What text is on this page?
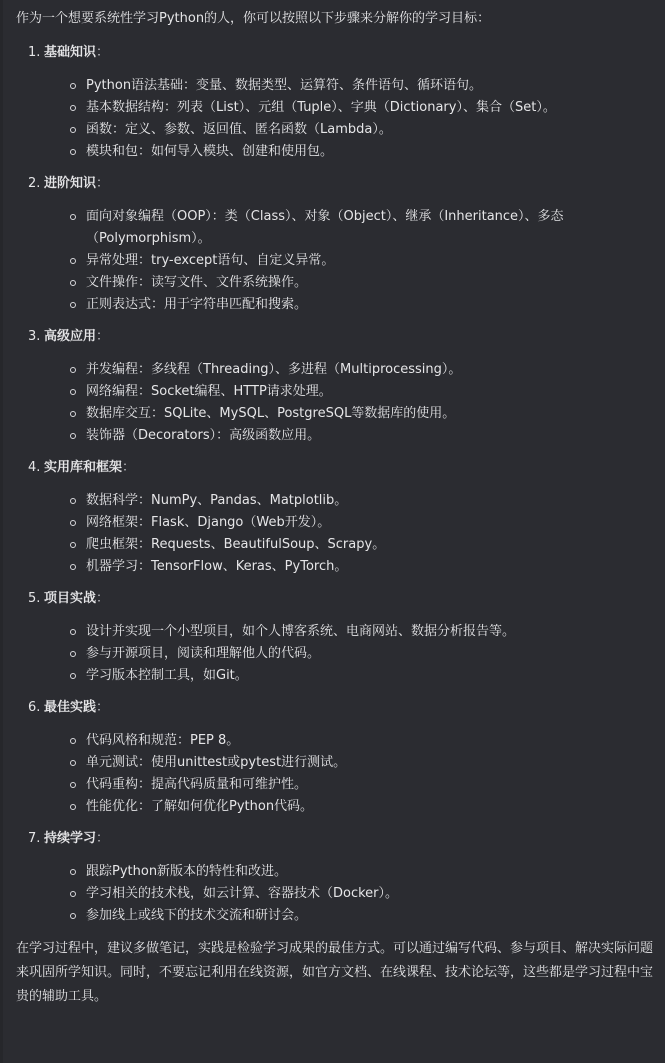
作为一个想要系统性学习Python的人，你可以按照以下步骤来分解你的学习目标：

1. 基础知识：
Python语法基础：变量、数据类型、运算符、条件语句、循环语句。
基本数据结构：列表（List）、元组（Tuple）、字典（Dictionary）、集合（Set）。
函数：定义、参数、返回值、匿名函数（Lambda）。
模块和包：如何导入模块、创建和使用包。
2. 进阶知识：
面向对象编程（OOP）：类（Class）、对象（Object）、继承（Inheritance）、多态（Polymorphism）。
异常处理：try-except语句、自定义异常。
文件操作：读写文件、文件系统操作。
正则表达式：用于字符串匹配和搜索。
3. 高级应用：
并发编程：多线程（Threading）、多进程（Multiprocessing）。
网络编程：Socket编程、HTTP请求处理。
数据库交互：SQLite、MySQL、PostgreSQL等数据库的使用。
装饰器（Decorators）：高级函数应用。
4. 实用库和框架：
数据科学：NumPy、Pandas、Matplotlib。
网络框架：Flask、Django（Web开发）。
爬虫框架：Requests、BeautifulSoup、Scrapy。
机器学习：TensorFlow、Keras、PyTorch。
5. 项目实战：
设计并实现一个小型项目，如个人博客系统、电商网站、数据分析报告等。
参与开源项目，阅读和理解他人的代码。
学习版本控制工具，如Git。
6. 最佳实践：
代码风格和规范：PEP 8。
单元测试：使用unittest或pytest进行测试。
代码重构：提高代码质量和可维护性。
性能优化：了解如何优化Python代码。
7. 持续学习：
跟踪Python新版本的特性和改进。
学习相关的技术栈，如云计算、容器技术（Docker）。
参加线上或线下的技术交流和研讨会。

在学习过程中，建议多做笔记，实践是检验学习成果的最佳方式。可以通过编写代码、参与项目、解决实际问题来巩固所学知识。同时，不要忘记利用在线资源，如官方文档、在线课程、技术论坛等，这些都是学习过程中宝贵的辅助工具。
